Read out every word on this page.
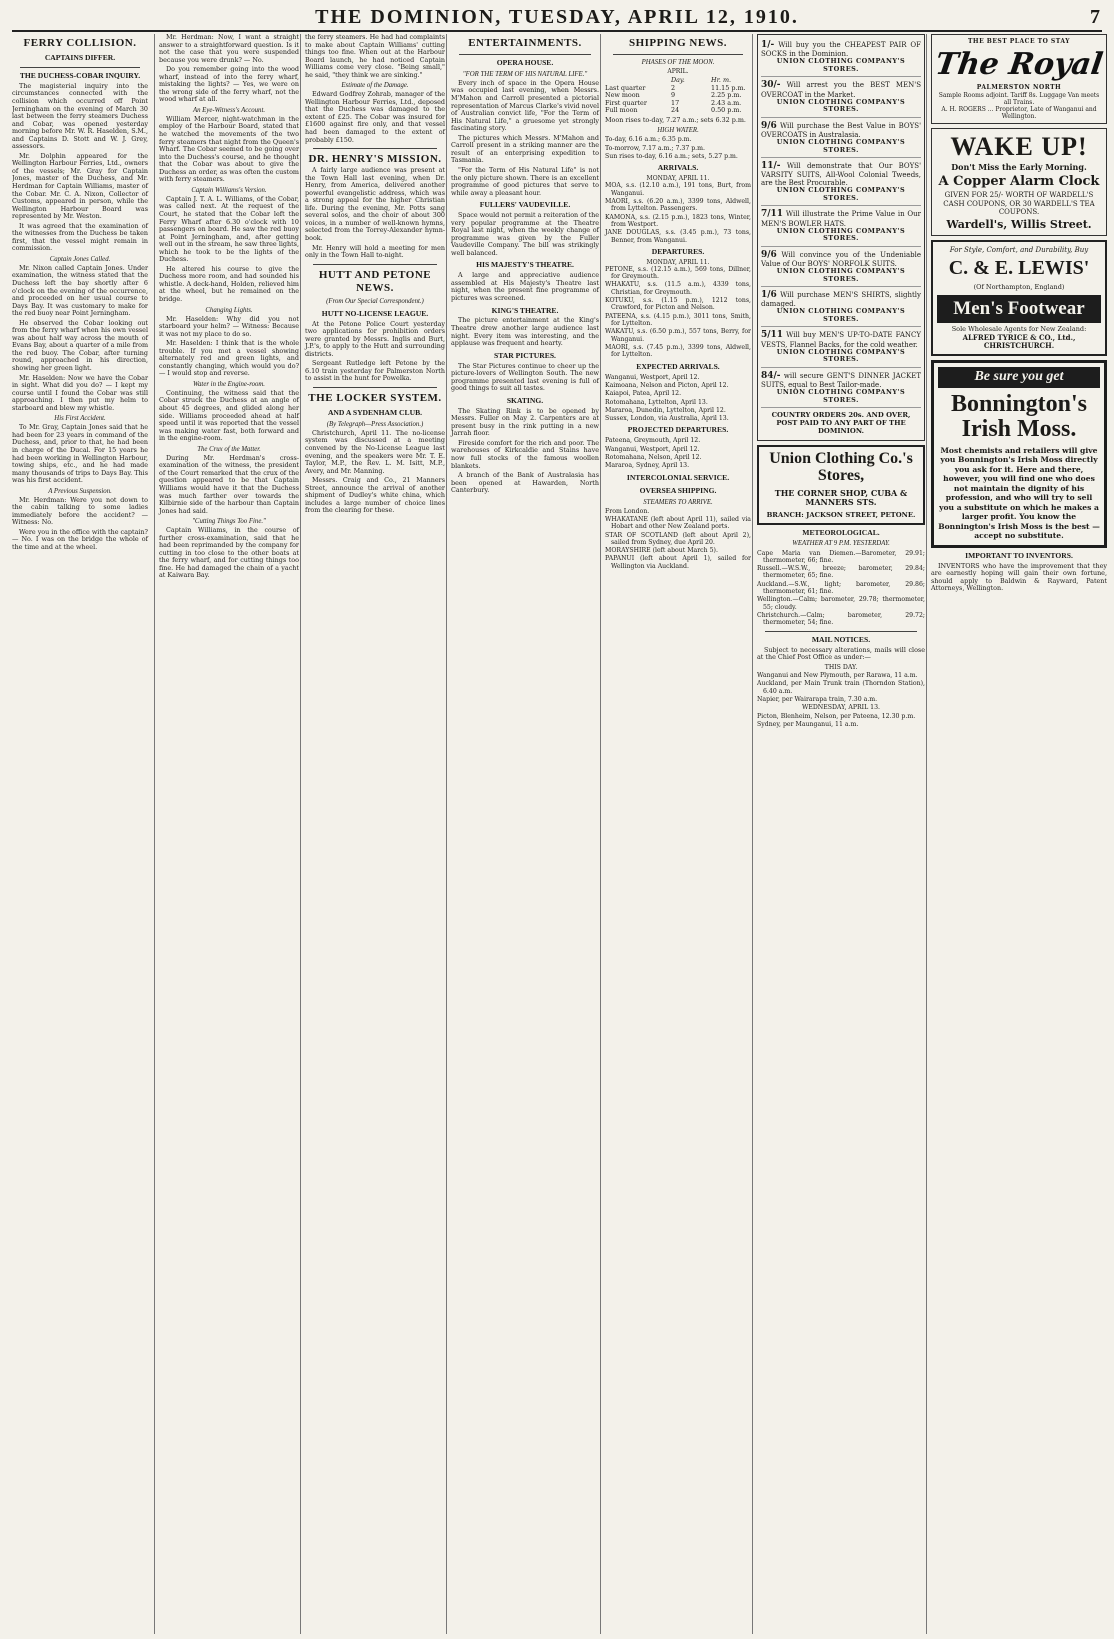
THE DOMINION, TUESDAY, APRIL 12, 1910.	7
FERRY COLLISION.
CAPTAINS DIFFER.
THE DUCHESS-COBAR INQUIRY.

The magisterial inquiry into the circumstances connected with the collision which occurred off Point Jerningham on the evening of March 30 last between the ferry steamers Duchess and Cobar, was opened yesterday morning before Mr. W. R. Haselden, S.M., and Captains D. Stott and W. J. Grey, assessors.

Mr. Dolphin appeared for the Wellington Harbour Ferries, Ltd., owners of the vessels; Mr. Gray for Captain Jones, master of the Duchess, and Mr. Herdman for Captain Williams, master of the Cobar. Mr. C. A. Nixon, Collector of Customs, appeared in person, while the Wellington Harbour Board was represented by Mr. Weston.

It was agreed that the examination of the witnesses from the Duchess be taken first, that the vessel might remain in commission.

Captain Jones Called.

Mr. Nixon called Captain Jones. Under examination, the witness stated that the Duchess left the bay shortly after 6 o'clock on the evening of the occurrence, and proceeded on her usual course to Days Bay. It was customary to make for the red buoy near Point Jerningham.

He observed the Cobar looking out from the ferry wharf when his own vessel was about half way across the mouth of Evans Bay, about a quarter of a mile from the red buoy. The Cobar, after turning round, approached in his direction, showing her green light.

Mr. Haselden: Now we have the Cobar in sight. What did you do? — I kept my course until I found the Cobar was still approaching. I then put my helm to starboard and blew my whistle.

His First Accident.

To Mr. Gray, Captain Jones said that he had been for 23 years in command of the Duchess, and, prior to that, he had been in charge of the Ducal. For 15 years he had been working in Wellington Harbour, towing ships, etc., and he had made many thousands of trips to Days Bay. This was his first accident.

A Previous Suspension.

Mr. Herdman: Were you not down to the cabin talking to some ladies immediately before the accident? — Witness: No.

Were you in the office with the captain? — No. I was on the bridge the whole of the time and at the wheel.

Mr. Herdman: Now, I want a straight answer to a straightforward question. Is it not the case that you were suspended because you were drunk? — No.

Do you remember going into the wood wharf, instead of into the ferry wharf, mistaking the lights? — Yes, we were on the wrong side of the ferry wharf, not the wood wharf at all.

An Eye-Witness's Account.

William Mercer, night-watchman in the employ of the Harbour Board, stated that he watched the movements of the two ferry steamers that night from the Queen's Wharf. The Cobar seemed to be going over into the Duchess's course, and he thought that the Cobar was about to give the Duchess an order, as was often the custom with ferry steamers.

Captain Williams's Version.

Captain J. T. A. L. Williams, of the Cobar, was called next. At the request of the Court, he stated that the Cobar left the Ferry Wharf after 6.30 o'clock with 10 passengers on board. He saw the red buoy at Point Jerningham, and, after getting well out in the stream, he saw three lights, which he took to be the lights of the Duchess.

He altered his course to give the Duchess more room, and had sounded his whistle. A deck-hand, Holden, relieved him at the wheel, but he remained on the bridge.

Changing Lights.

Mr. Haselden: Why did you not starboard your helm? — Witness: Because it was not my place to do so.

Mr. Haselden: I think that is the whole trouble. If you met a vessel showing alternately red and green lights, and constantly changing, which would you do? — I would stop and reverse.

Water in the Engine-room.

Continuing, the witness said that the Cobar struck the Duchess at an angle of about 45 degrees, and glided along her side. Williams proceeded ahead at half speed until it was reported that the vessel was making water fast, both forward and in the engine-room.

The Crux of the Matter.

During Mr. Herdman's cross-examination of the witness, the president of the Court remarked that the crux of the question appeared to be that Captain Williams would have it that the Duchess was much farther over towards the Kilbirnie side of the harbour than Captain Jones had said.

"Cutting Things Too Fine."

Captain Williams, in the course of further cross-examination, said that he had been reprimanded by the company for cutting in too close to the other boats at the ferry wharf, and for cutting things too fine. He had damaged the chain of a yacht at Kaiwara Bay.

the ferry steamers. He had had complaints to make about Captain Williams' cutting things too fine. When out at the Harbour Board launch, he had noticed Captain Williams come very close. "Being small," he said, "they think we are sinking."

Estimate of the Damage.

Edward Godfrey Zohrab, manager of the Wellington Harbour Ferries, Ltd., deposed that the Duchess was damaged to the extent of £25. The Cobar was insured for £1600 against fire only, and that vessel had been damaged to the extent of probably £150.

DR. HENRY'S MISSION.

A fairly large audience was present at the Town Hall last evening, when Dr. Henry, from America, delivered another powerful evangelistic address, which was a strong appeal for the higher Christian life. During the evening, Mr. Potts sang several solos, and the choir of about 300 voices, in a number of well-known hymns, selected from the Torrey-Alexander hymn-book.

Mr. Henry will hold a meeting for men only in the Town Hall to-night.

HUTT AND PETONE NEWS.
(From Our Special Correspondent.)
HUTT NO-LICENSE LEAGUE.

At the Petone Police Court yesterday two applications for prohibition orders were granted by Messrs. Inglis and Burt, J.P.'s, to apply to the Hutt and surrounding districts.

Sergeant Rutledge left Petone by the 6.10 train yesterday for Palmerston North to assist in the hunt for Powelka.

THE LOCKER SYSTEM.
AND A SYDENHAM CLUB.
(By Telegraph—Press Association.)

Christchurch, April 11. The no-license system was discussed at a meeting convened by the No-License League last evening, and the speakers were Mr. T. E. Taylor, M.P., the Rev. L. M. Isitt, M.P., Avery, and Mr. Manning.

Messrs. Craig and Co., 21 Manners Street, announce the arrival of another shipment of Dudley's white china, which includes a large number of choice lines from the clearing for these.

ENTERTAINMENTS.
OPERA HOUSE.
"FOR THE TERM OF HIS NATURAL LIFE."

Every inch of space in the Opera House was occupied last evening, when Messrs. M'Mahon and Carroll presented a pictorial representation of Marcus Clarke's vivid novel of Australian convict life, "For the Term of His Natural Life," a gruesome yet strongly fascinating story.

The pictures which Messrs. M'Mahon and Carroll present in a striking manner are the result of an enterprising expedition to Tasmania.

"For the Term of His Natural Life" is not the only picture shown. There is an excellent programme of good pictures that serve to while away a pleasant hour.

FULLERS' VAUDEVILLE.

Space would not permit a reiteration of the very popular programme at the Theatre Royal last night, when the weekly change of programme was given by the Fuller Vaudeville Company. The bill was strikingly well balanced.

HIS MAJESTY'S THEATRE.

A large and appreciative audience assembled at His Majesty's Theatre last night, when the present fine programme of pictures was screened.

KING'S THEATRE.

The picture entertainment at the King's Theatre drew another large audience last night. Every item was interesting, and the applause was frequent and hearty.

STAR PICTURES.

The Star Pictures continue to cheer up the picture-lovers of Wellington South. The new programme presented last evening is full of good things to suit all tastes.

SKATING.

The Skating Rink is to be opened by Messrs. Fuller on May 2. Carpenters are at present busy in the rink putting in a new Jarrah floor.

Fireside comfort for the rich and poor. The warehouses of Kirkcaldie and Stains have now full stocks of the famous woollen blankets.

A branch of the Bank of Australasia has been opened at Hawarden, North Canterbury.

SHIPPING NEWS.
PHASES OF THE MOON.
APRIL.
Day.	Hr. m.
Last quarter	2	11.15 p.m.
New moon	9	2.25 p.m.
First quarter	17	2.43 a.m.
Full moon	24	0.50 p.m.

Moon rises to-day, 7.27 a.m.; sets 6.32 p.m.

HIGH WATER.
To-day, 6.16 a.m.; 6.35 p.m.
To-morrow, 7.17 a.m.; 7.37 p.m.
Sun rises to-day, 6.16 a.m.; sets, 5.27 p.m.
ARRIVALS.
MONDAY, APRIL 11.
MOA, s.s. (12.10 a.m.), 191 tons, Burt, from Wanganui.
MAORI, s.s. (6.20 a.m.), 3399 tons, Aldwell, from Lyttelton. Passengers.
KAMONA, s.s. (2.15 p.m.), 1823 tons, Winter, from Westport.
JANE DOUGLAS, s.s. (3.45 p.m.), 73 tons, Benner, from Wanganui.
DEPARTURES.
MONDAY, APRIL 11.
PETONE, s.s. (12.15 a.m.), 569 tons, Dillner, for Greymouth.
WHAKATU, s.s. (11.5 a.m.), 4339 tons, Christian, for Greymouth.
KOTUKU, s.s. (1.15 p.m.), 1212 tons, Crawford, for Picton and Nelson.
PATEENA, s.s. (4.15 p.m.), 3011 tons, Smith, for Lyttelton.
WAKATU, s.s. (6.50 p.m.), 557 tons, Berry, for Wanganui.
MAORI, s.s. (7.45 p.m.), 3399 tons, Aldwell, for Lyttelton.
EXPECTED ARRIVALS.
Wanganui, Westport, April 12.
Kaimoana, Nelson and Picton, April 12.
Kaiapoi, Patea, April 12.
Rotomahana, Lyttelton, April 13.
Mararoa, Dunedin, Lyttelton, April 12.
Sussex, London, via Australia, April 13.
PROJECTED DEPARTURES.
Pateena, Greymouth, April 12.
Wanganui, Westport, April 12.
Rotomahana, Nelson, April 12.
Mararoa, Sydney, April 13.
INTERCOLONIAL SERVICE.
OVERSEA SHIPPING.
STEAMERS TO ARRIVE.
From London.
WHAKATANE (left about April 11), sailed via Hobart and other New Zealand ports.
STAR OF SCOTLAND (left about April 2), sailed from Sydney, due April 20.
MORAYSHIRE (left about March 5).
PAPANUI (left about April 1), sailed for Wellington via Auckland.
1/- Will buy you the CHEAPEST PAIR OF SOCKS in the Dominion.
UNION CLOTHING COMPANY'S STORES.
30/- Will arrest you the BEST MEN'S OVERCOAT in the Market.
UNION CLOTHING COMPANY'S STORES.
9/6 Will purchase the Best Value in BOYS' OVERCOATS in Australasia.
UNION CLOTHING COMPANY'S STORES.
11/- Will demonstrate that Our BOYS' VARSITY SUITS, All-Wool Colonial Tweeds, are the Best Procurable.
UNION CLOTHING COMPANY'S STORES.
7/11 Will illustrate the Prime Value in Our MEN'S BOWLER HATS.
UNION CLOTHING COMPANY'S STORES.
9/6 Will convince you of the Undeniable Value of Our BOYS' NORFOLK SUITS.
UNION CLOTHING COMPANY'S STORES.
1/6 Will purchase MEN'S SHIRTS, slightly damaged.
UNION CLOTHING COMPANY'S STORES.
5/11 Will buy MEN'S UP-TO-DATE FANCY VESTS, Flannel Backs, for the cold weather.
UNION CLOTHING COMPANY'S STORES.
84/- will secure GENT'S DINNER JACKET SUITS, equal to Best Tailor-made.
UNION CLOTHING COMPANY'S STORES.
COUNTRY ORDERS 20s. AND OVER, POST PAID TO ANY PART OF THE DOMINION.
Union Clothing Co.'s Stores,
THE CORNER SHOP, CUBA & MANNERS STS.
BRANCH: JACKSON STREET, PETONE.
METEOROLOGICAL.
WEATHER AT 9 P.M. YESTERDAY.
Cape Maria van Diemen.—Barometer, 29.91; thermometer, 66; fine.
Russell.—W.S.W., breeze; barometer, 29.84; thermometer, 65; fine.
Auckland.—S.W., light; barometer, 29.86; thermometer, 61; fine.
Wellington.—Calm; barometer, 29.78; thermometer, 55; cloudy.
Christchurch.—Calm; barometer, 29.72; thermometer, 54; fine.
MAIL NOTICES.

Subject to necessary alterations, mails will close at the Chief Post Office as under:—

THIS DAY.
Wanganui and New Plymouth, per Rarawa, 11 a.m.
Auckland, per Main Trunk train (Thorndon Station), 6.40 a.m.
Napier, per Wairarapa train, 7.30 a.m.
WEDNESDAY, APRIL 13.
Picton, Blenheim, Nelson, per Pateena, 12.30 p.m.
Sydney, per Maunganui, 11 a.m.
THE BEST PLACE TO STAY
The Royal
PALMERSTON NORTH
Sample Rooms adjoint. Tariff 8s. Luggage Van meets all Trains.
A. H. ROGERS ... Proprietor, Late of Wanganui and Wellington.
WAKE UP!
Don't Miss the Early Morning.
A Copper Alarm Clock
GIVEN FOR 25/- WORTH OF WARDELL'S CASH COUPONS, OR 30 WARDELL'S TEA COUPONS.
Wardell's, Willis Street.
For Style, Comfort, and Durability, Buy
C. & E. LEWIS'
(Of Northampton, England)
Men's Footwear
Sole Wholesale Agents for New Zealand:
ALFRED TYRICE & CO., Ltd., CHRISTCHURCH.
Be sure you get
Bonnington's
Irish Moss.
Most chemists and retailers will give you Bonnington's Irish Moss directly you ask for it. Here and there, however, you will find one who does not maintain the dignity of his profession, and who will try to sell you a substitute on which he makes a larger profit. You know the Bonnington's Irish Moss is the best — accept no substitute.
IMPORTANT TO INVENTORS.

INVENTORS who have the improvement that they are earnestly hoping will gain their own fortune, should apply to Baldwin & Rayward, Patent Attorneys, Wellington.
